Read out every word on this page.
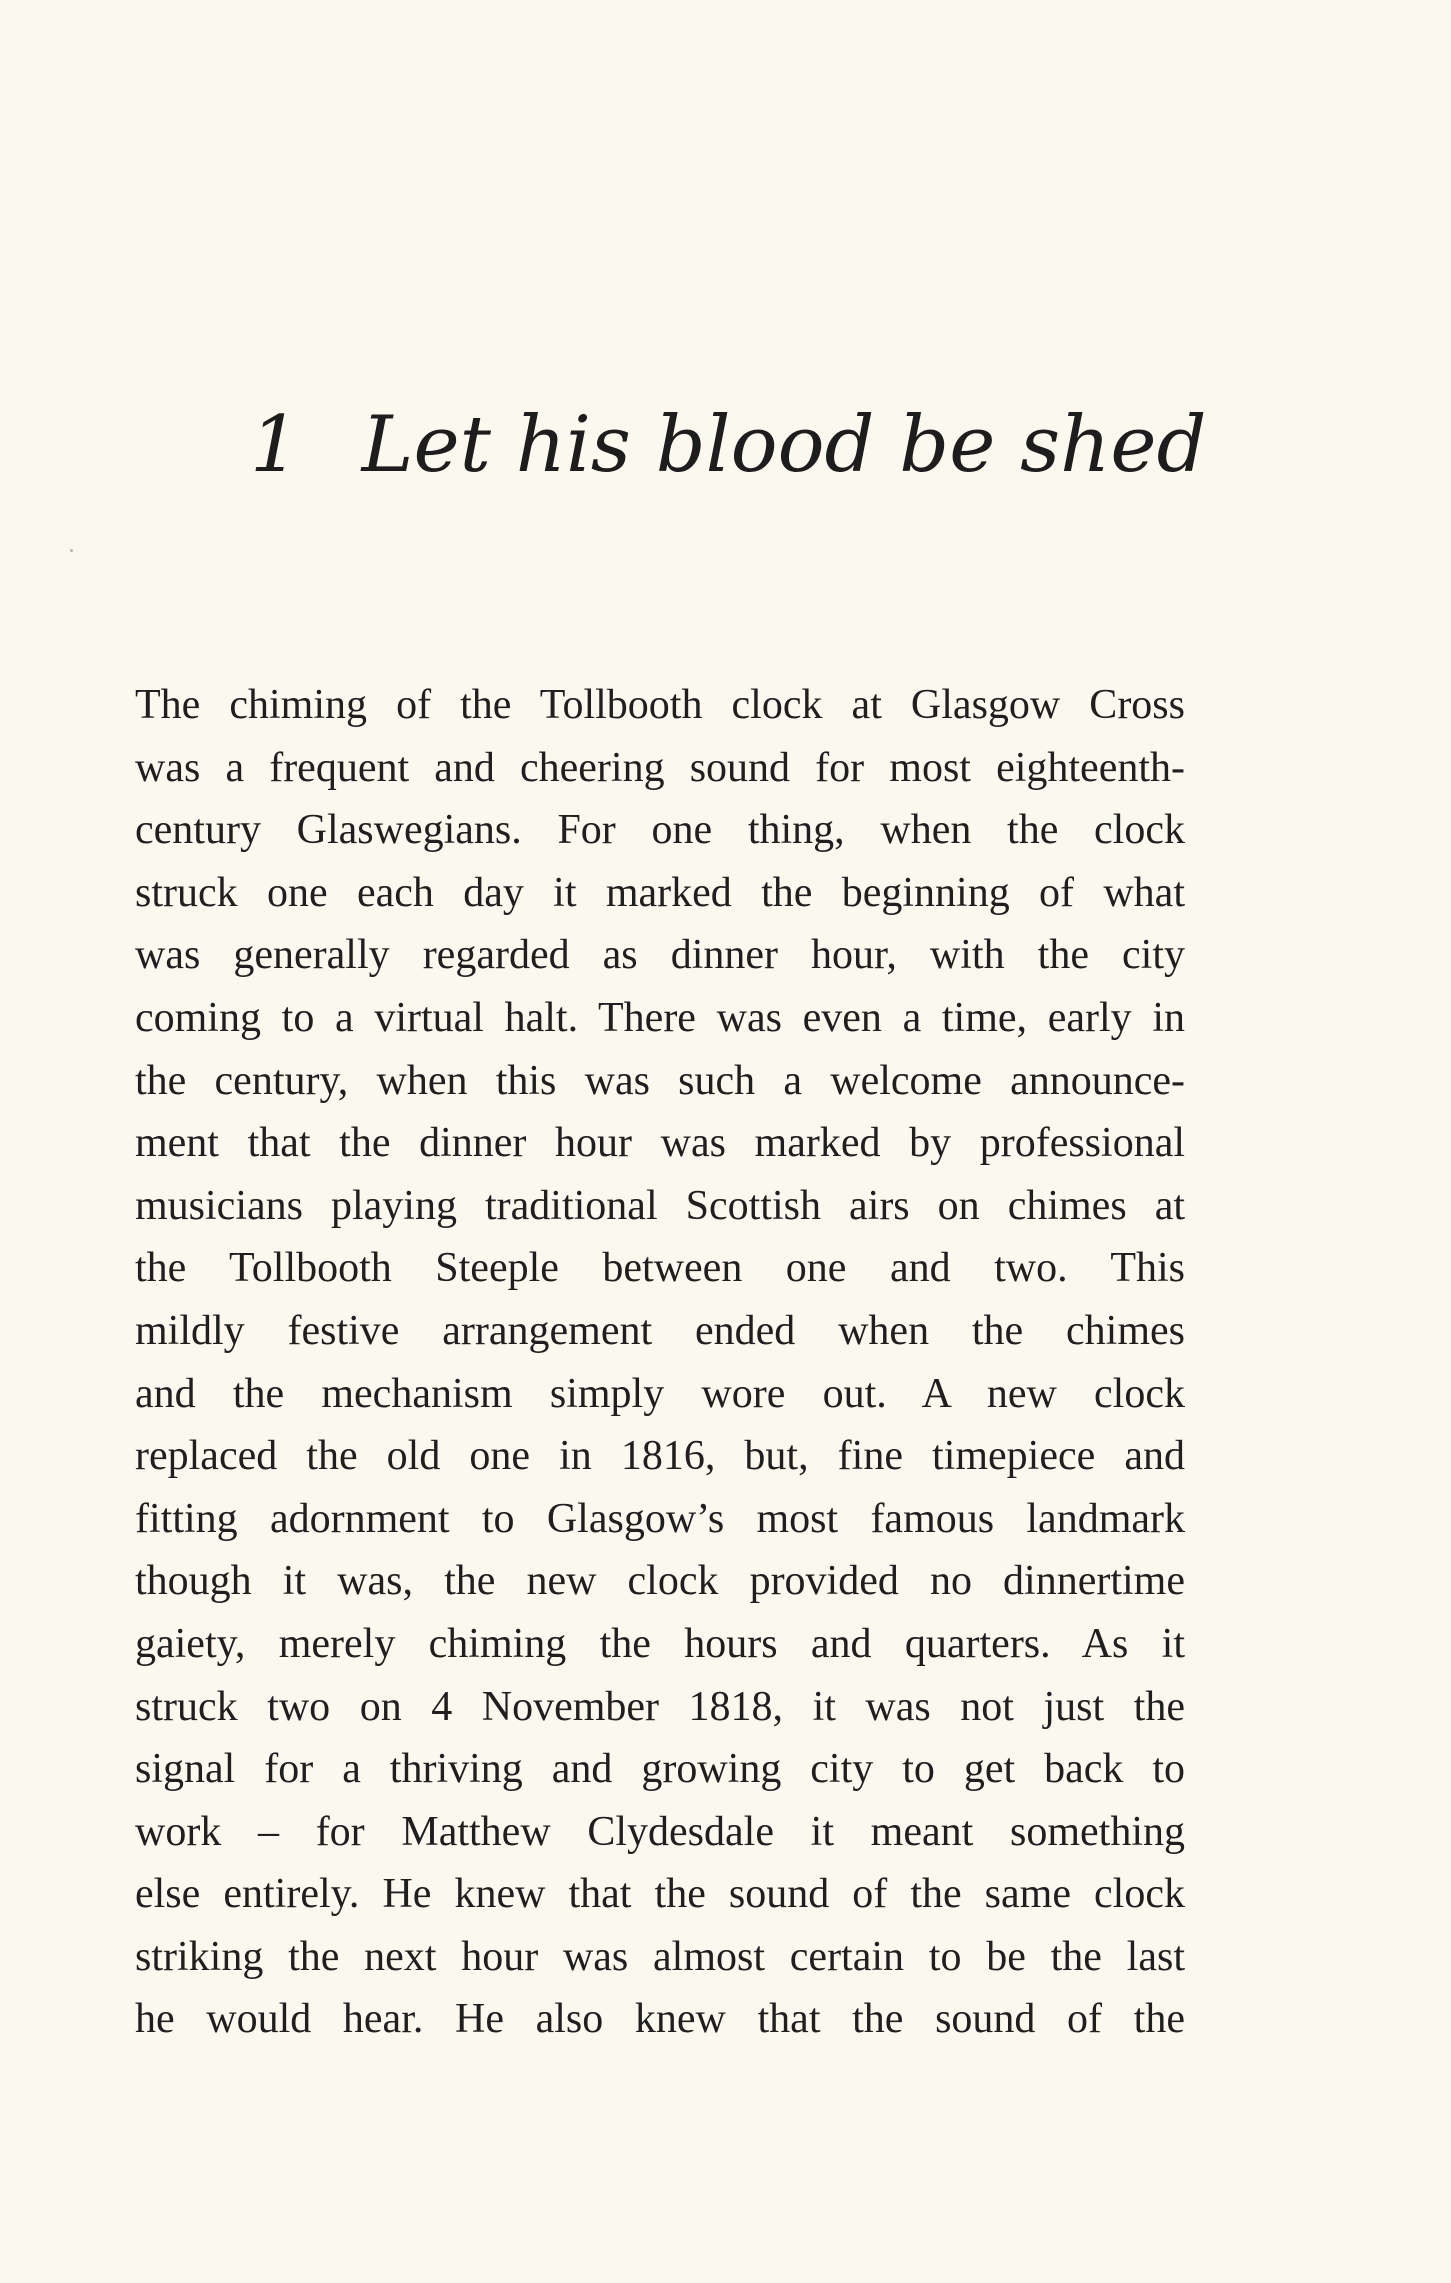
1 Let his blood be shed
The chiming of the Tollbooth clock at Glasgow Cross
was a frequent and cheering sound for most eighteenth-
century Glaswegians. For one thing, when the clock
struck one each day it marked the beginning of what
was generally regarded as dinner hour, with the city
coming to a virtual halt. There was even a time, early in
the century, when this was such a welcome announce-
ment that the dinner hour was marked by professional
musicians playing traditional Scottish airs on chimes at
the Tollbooth Steeple between one and two. This
mildly festive arrangement ended when the chimes
and the mechanism simply wore out. A new clock
replaced the old one in 1816, but, fine timepiece and
fitting adornment to Glasgow’s most famous landmark
though it was, the new clock provided no dinnertime
gaiety, merely chiming the hours and quarters. As it
struck two on 4 November 1818, it was not just the
signal for a thriving and growing city to get back to
work – for Matthew Clydesdale it meant something
else entirely. He knew that the sound of the same clock
striking the next hour was almost certain to be the last
he would hear. He also knew that the sound of the
